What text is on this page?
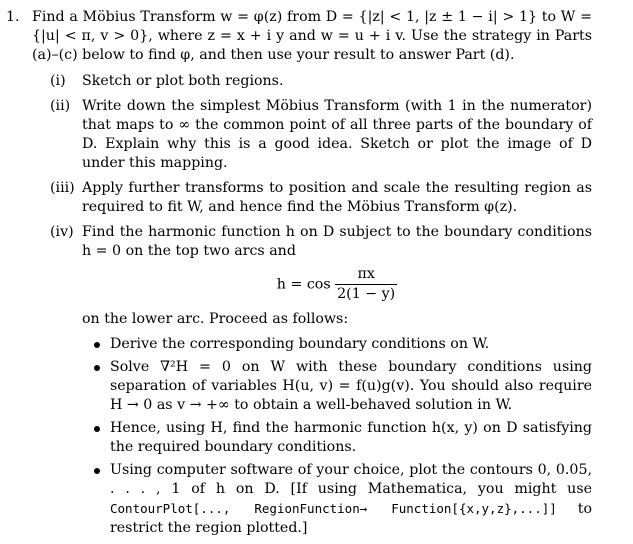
1. Find a Möbius Transform w = φ(z) from D = {|z| < 1, |z ± 1 − i| > 1} to W = {|u| < π, v > 0}, where z = x + i y and w = u + i v. Use the strategy in Parts (a)–(c) below to find φ, and then use your result to answer Part (d).
(i) Sketch or plot both regions.
(ii) Write down the simplest Möbius Transform (with 1 in the numerator) that maps to ∞ the common point of all three parts of the boundary of D. Explain why this is a good idea. Sketch or plot the image of D under this mapping.
(iii) Apply further transforms to position and scale the resulting region as required to fit W, and hence find the Möbius Transform φ(z).
(iv) Find the harmonic function h on D subject to the boundary conditions h = 0 on the top two arcs and
$h = \cos \frac{\pi x}{2(1 - y)}$
on the lower arc. Proceed as follows:
Derive the corresponding boundary conditions on W.
Solve ∇²H = 0 on W with these boundary conditions using separation of variables H(u, v) = f(u)g(v). You should also require H → 0 as v → +∞ to obtain a well-behaved solution in W.
Hence, using H, find the harmonic function h(x, y) on D satisfying the required boundary conditions.
Using computer software of your choice, plot the contours 0, 0.05, . . . , 1 of h on D. [If using Mathematica, you might use ContourPlot[..., RegionFunction→ Function[{x,y,z},...]] to restrict the region plotted.]
